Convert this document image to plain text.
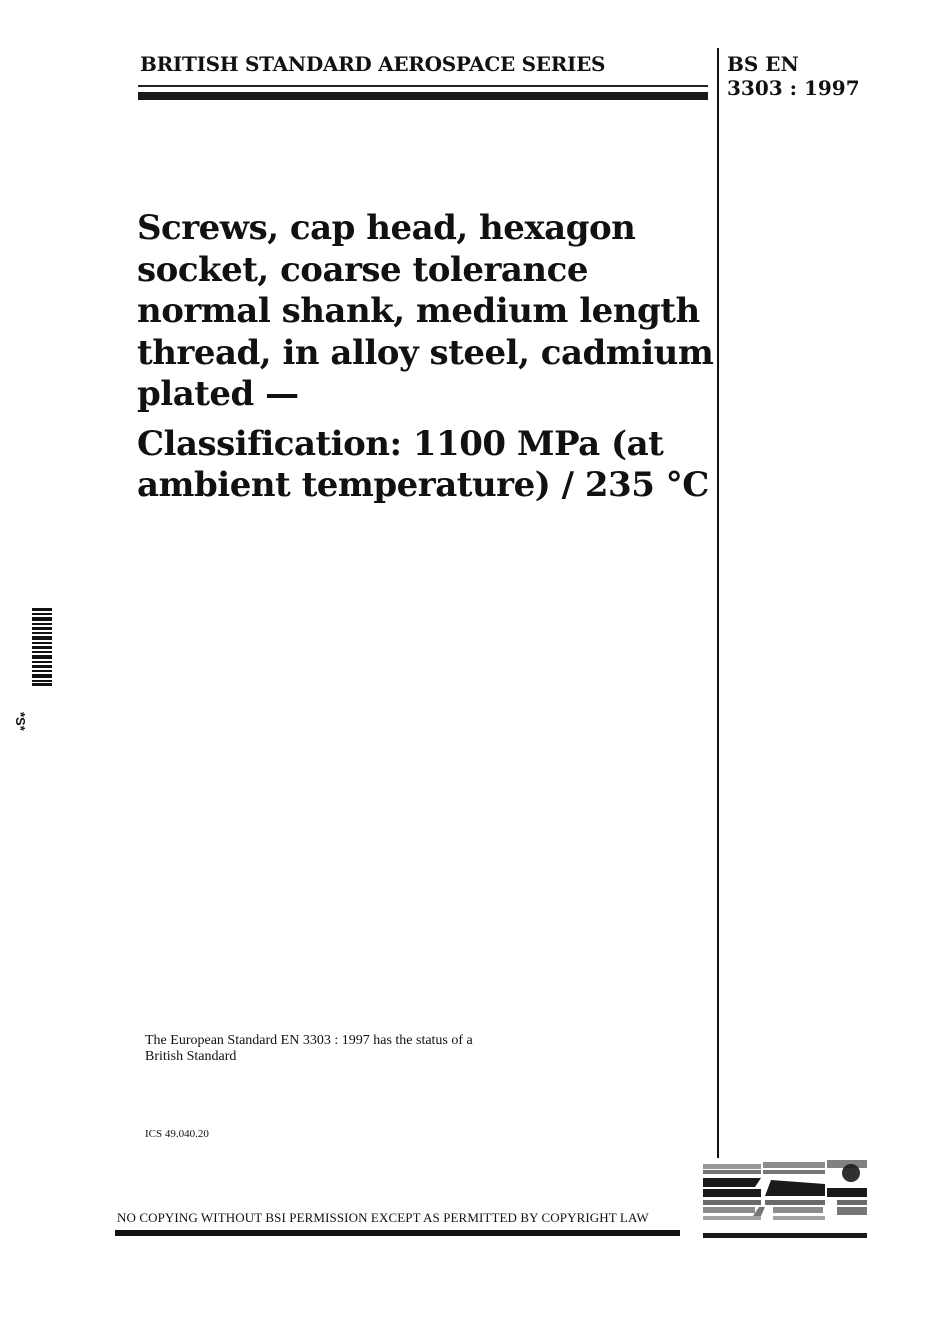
BRITISH STANDARD AEROSPACE SERIES	BS EN
3303 : 1997
Screws, cap head, hexagon
socket, coarse tolerance
normal shank, medium length
thread, in alloy steel, cadmium
plated —
Classification: 1100 MPa (at
ambient temperature) / 235 °C
The European Standard EN 3303 : 1997 has the status of a
British Standard
ICS 49.040.20
NO COPYING WITHOUT BSI PERMISSION EXCEPT AS PERMITTED BY COPYRIGHT LAW
*S*
